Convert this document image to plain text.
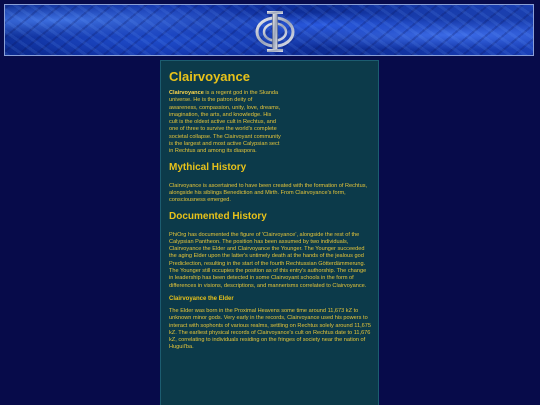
Clairvoyance

Clairvoyance is a regent god in the Skanda universe. He is the patron deity of awareness, compassion, unity, love, dreams, imagination, the arts, and knowledge. His cult is the oldest active cult in Rechtus, and one of three to survive the world's complete societal collapse. The Clairvoyant community is the largest and most active Calypsian sect in Rechtus and among its diaspora.

Mythical History

Clairvoyance is ascertained to have been created with the formation of Rechtus, alongside his siblings Benediction and Mirth. From Clairvoyance's form, consciousness emerged.

Documented History

PhiOrg has documented the figure of 'Clairvoyance', alongside the rest of the Calypsian Pantheon. The position has been assumed by two individuals, Clairvoyance the Elder and Clairvoyance the Younger. The Younger succeeded the aging Elder upon the latter's untimely death at the hands of the jealous god Prediclection, resulting in the start of the fourth Rechtussian Götterdämmerung. The Younger still occupies the position as of this entry's authorship. The change in leadership has been detected in some Clairvoyant schools in the form of differences in visions, descriptions, and mannerisms correlated to Clairvoyance.

Clairvoyance the Elder

The Elder was born in the Proximal Heavens some time around 11,673 kZ to unknown minor gods. Very early in the records, Clairvoyance used his powers to interact with sophonts of various realms, settling on Rechtus solely around 11,675 kZ. The earliest physical records of Clairvoyance's cult on Rechtus date to 11,676 kZ, correlating to individuals residing on the fringes of society near the nation of Huguil'ba.
